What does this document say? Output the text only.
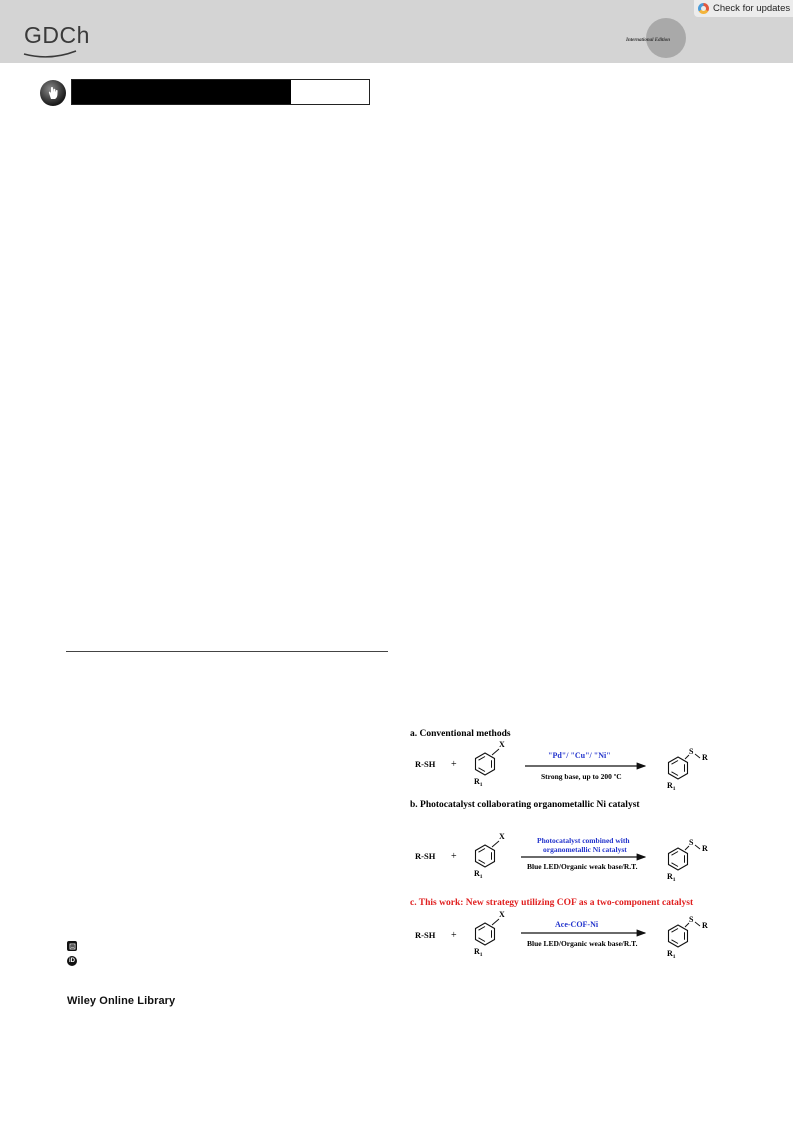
GDCh	International Edition
Check for updates
iD
Wiley Online Library
a. Conventional methods
R-SH +
X
$R_1$
"Pd"/ "Cu"/ "Ni"
Strong base, up to 200 ºC
S
R
$R_1$
b. Photocatalyst collaborating organometallic Ni catalyst
R-SH +
X
$R_1$
Photocatalyst combined with
organometallic Ni catalyst
Blue LED/Organic weak base/R.T.
S
R
$R_1$
c. This work: New strategy utilizing COF as a two-component catalyst
R-SH +
X
$R_1$
Ace-COF-Ni
Blue LED/Organic weak base/R.T.
S
R
$R_1$
